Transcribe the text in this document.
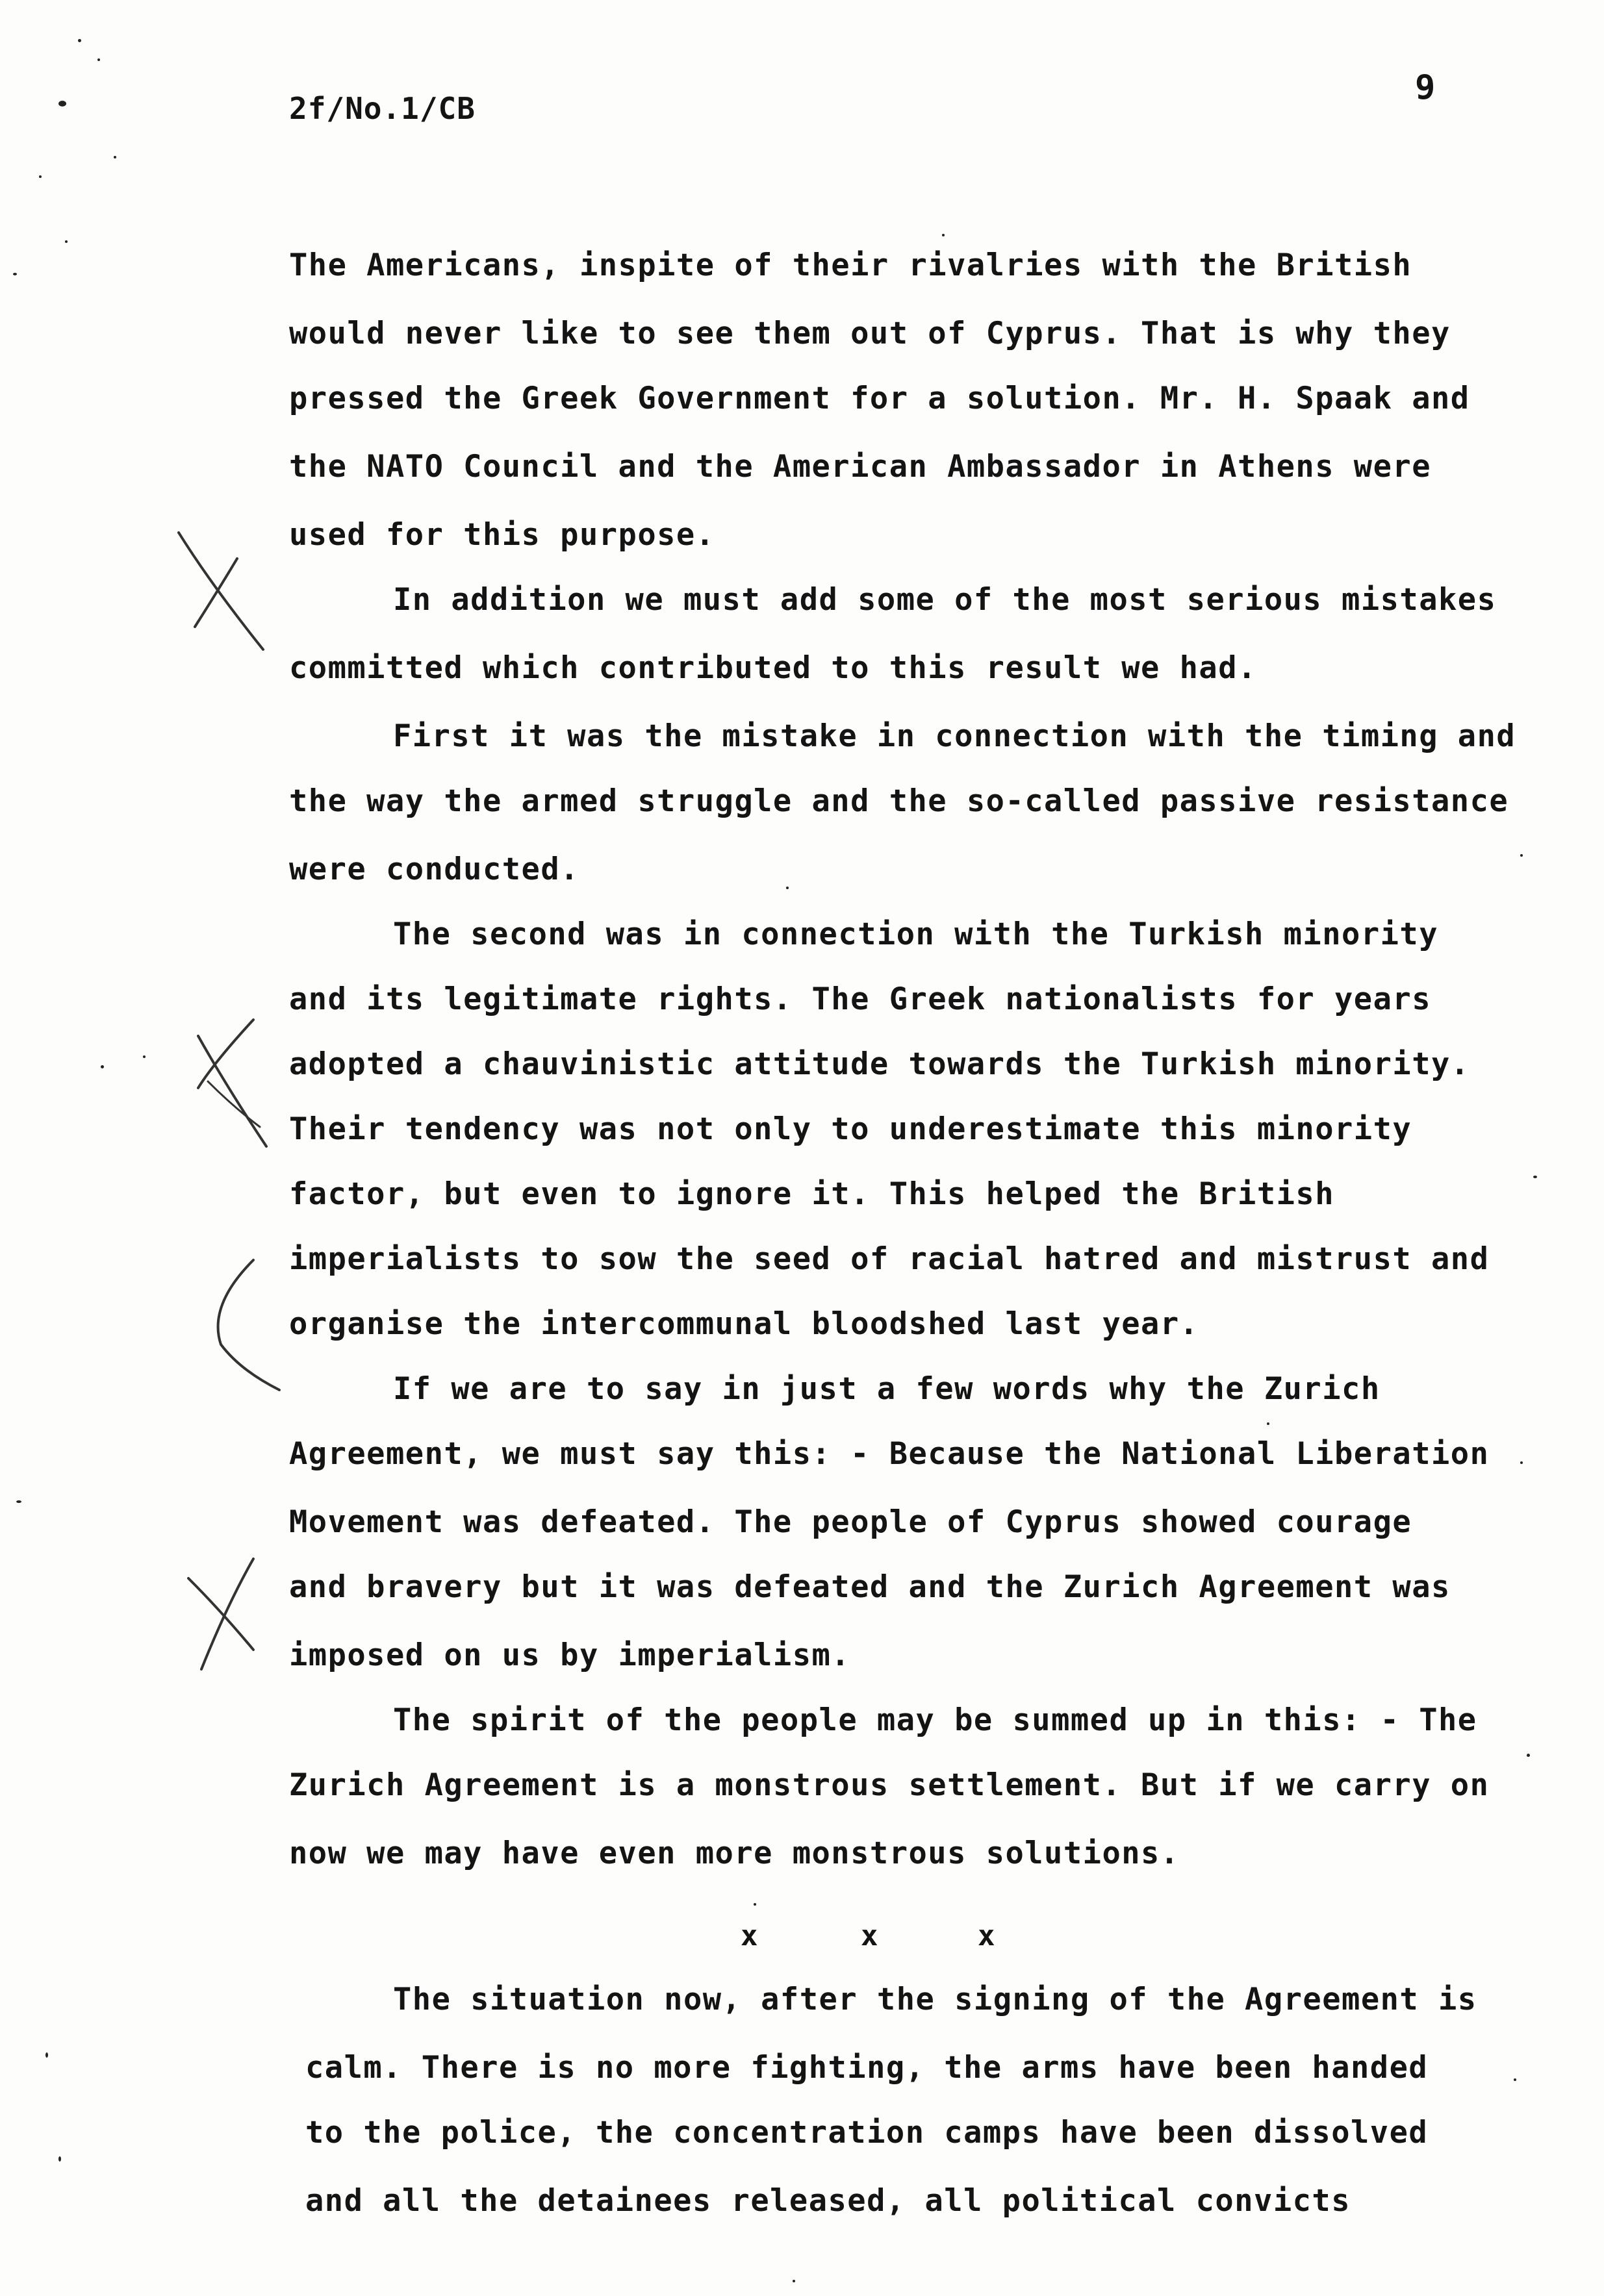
2f/No.1/CB
9
The Americans, inspite of their rivalries with the British
would never like to see them out of Cyprus. That is why they
pressed the Greek Government for a solution. Mr. H. Spaak and
the NATO Council and the American Ambassador in Athens were
used for this purpose.
In addition we must add some of the most serious mistakes
committed which contributed to this result we had.
First it was the mistake in connection with the timing and
the way the armed struggle and the so-called passive resistance
were conducted.
The second was in connection with the Turkish minority
and its legitimate rights. The Greek nationalists for years
adopted a chauvinistic attitude towards the Turkish minority.
Their tendency was not only to underestimate this minority
factor, but even to ignore it. This helped the British
imperialists to sow the seed of racial hatred and mistrust and
organise the intercommunal bloodshed last year.
If we are to say in just a few words why the Zurich
Agreement, we must say this: - Because the National Liberation
Movement was defeated. The people of Cyprus showed courage
and bravery but it was defeated and the Zurich Agreement was
imposed on us by imperialism.
The spirit of the people may be summed up in this: - The
Zurich Agreement is a monstrous settlement. But if we carry on
now we may have even more monstrous solutions.
x	x	x
The situation now, after the signing of the Agreement is
calm. There is no more fighting, the arms have been handed
to the police, the concentration camps have been dissolved
and all the detainees released, all political convicts
